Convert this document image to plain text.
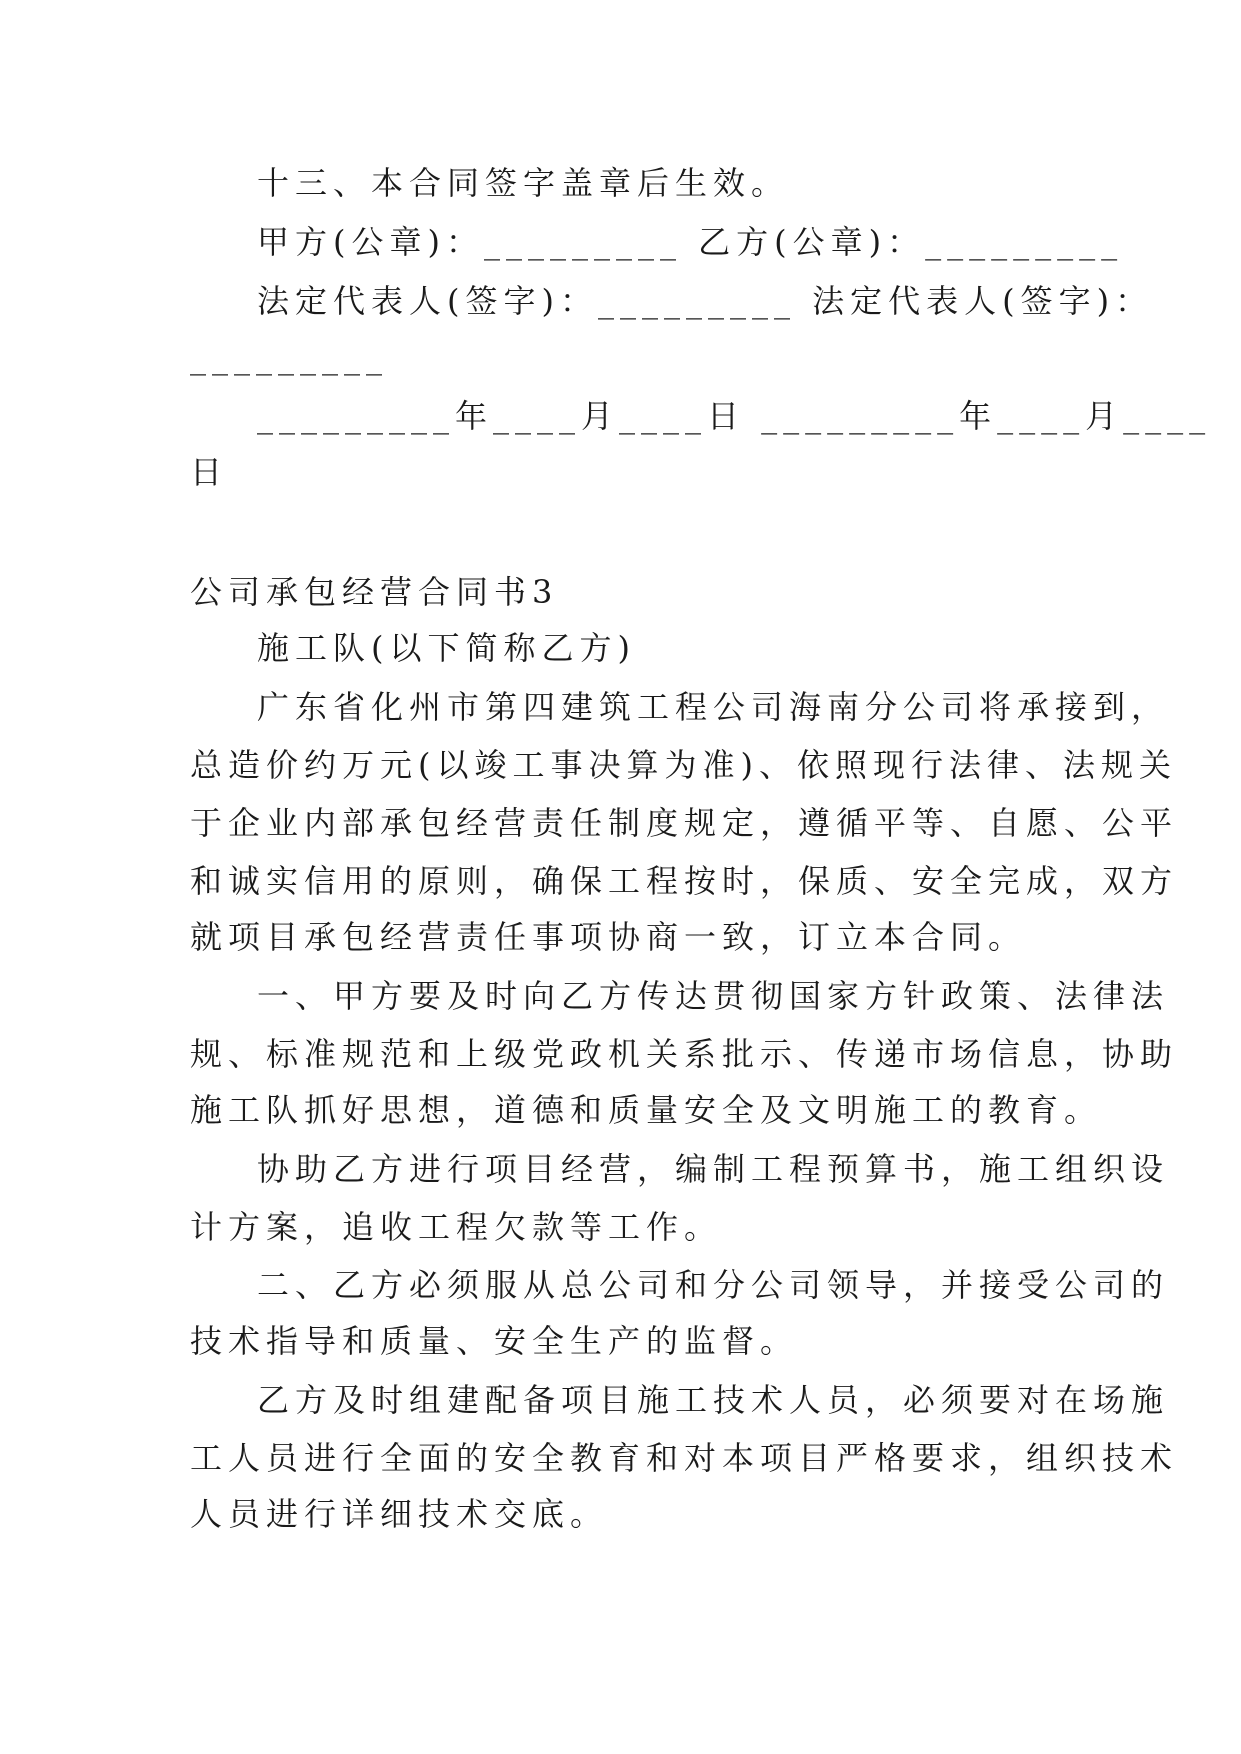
十三、本合同签字盖章后生效。
甲方(公章)：_________ 乙方(公章)：_________
法定代表人(签字)：_________ 法定代表人(签字)：
_________
_________年____月____日 _________年____月____
日
公司承包经营合同书3
施工队(以下简称乙方)
广东省化州市第四建筑工程公司海南分公司将承接到，
总造价约万元(以竣工事决算为准)、依照现行法律、法规关
于企业内部承包经营责任制度规定，遵循平等、自愿、公平
和诚实信用的原则，确保工程按时，保质、安全完成，双方
就项目承包经营责任事项协商一致，订立本合同。
一、甲方要及时向乙方传达贯彻国家方针政策、法律法
规、标准规范和上级党政机关系批示、传递市场信息，协助
施工队抓好思想，道德和质量安全及文明施工的教育。
协助乙方进行项目经营，编制工程预算书，施工组织设
计方案，追收工程欠款等工作。
二、乙方必须服从总公司和分公司领导，并接受公司的
技术指导和质量、安全生产的监督。
乙方及时组建配备项目施工技术人员，必须要对在场施
工人员进行全面的安全教育和对本项目严格要求，组织技术
人员进行详细技术交底。
